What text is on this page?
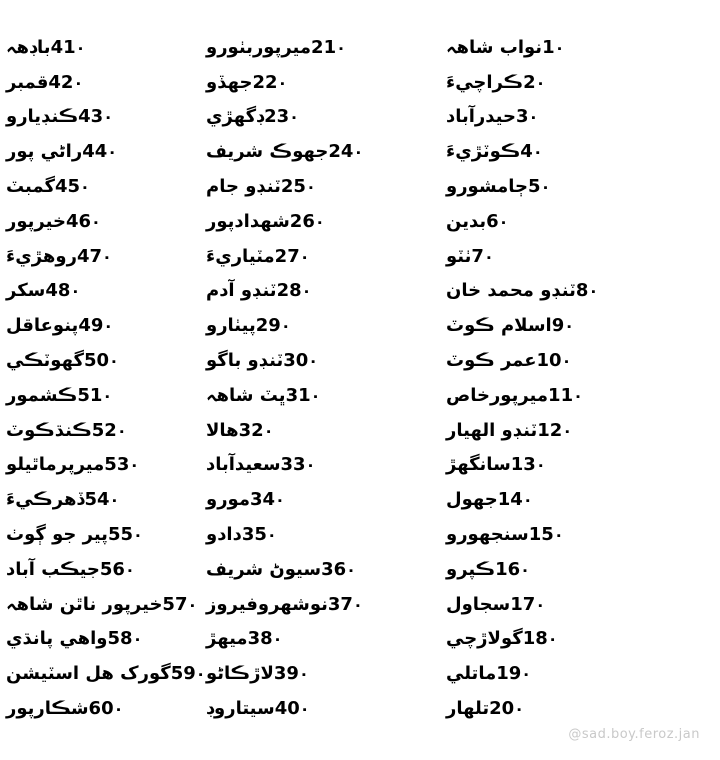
۰
41
باڊهہ
۰
42
قمبر
۰
43
ڪنڊيارو
۰
44
راڻي پور
۰
45
گمبٽ
۰
46
خيرپور
۰
47
روهڙيءَ
۰
48
سکر
۰
49
پنوعاقل
۰
50
گهوٽڪي
۰
51
ڪشمور
۰
52
ڪنڌڪوٽ
۰
53
ميرپرماٿيلو
۰
54
ڏهرڪيءَ
۰
55
پير جو ڳوٺ
۰
56
جيڪب آباد
۰
57
خيرپور ناٿن شاهہ
۰
58
واهي پانڌي
۰
59
گورک هل اسٽيشن
۰
60
شڪارپور
۰
21
ميرپوربٺورو
۰
22
جهڏو
۰
23
ڊگهڙي
۰
24
جهوڪ شريف
۰
25
ٽنڊو جام
۰
26
شهدادپور
۰
27
مٽياريءَ
۰
28
ٽنڊو آدم
۰
29
پيٺارو
۰
30
ٽنڊو باگو
۰
31
ڀٽ شاهہ
۰
32
هالا
۰
33
سعيدآباد
۰
34
مورو
۰
35
دادو
۰
36
سيوڻ شريف
۰
37
نوشهروفيروز
۰
38
ميهڙ
۰
39
لاڙڪاڻو
۰
40
سيتاروڊ
۰
1
نواب شاهہ
۰
2
ڪراچيءَ
۰
3
حيدرآباد
۰
4
ڪوٽڙيءَ
۰
5
ڄامشورو
۰
6
بدين
۰
7
ٺٽو
۰
8
ٽنڊو محمد خان
۰
9
اسلام ڪوٽ
۰
10
عمر ڪوٽ
۰
11
ميرپورخاص
۰
12
ٽنڊو الهيار
۰
13
سانگهڙ
۰
14
جهول
۰
15
سنجهورو
۰
16
ڪپرو
۰
17
سجاول
۰
18
گولاڙچي
۰
19
ماتلي
۰
20
تلهار
@sad.boy.feroz.jan
